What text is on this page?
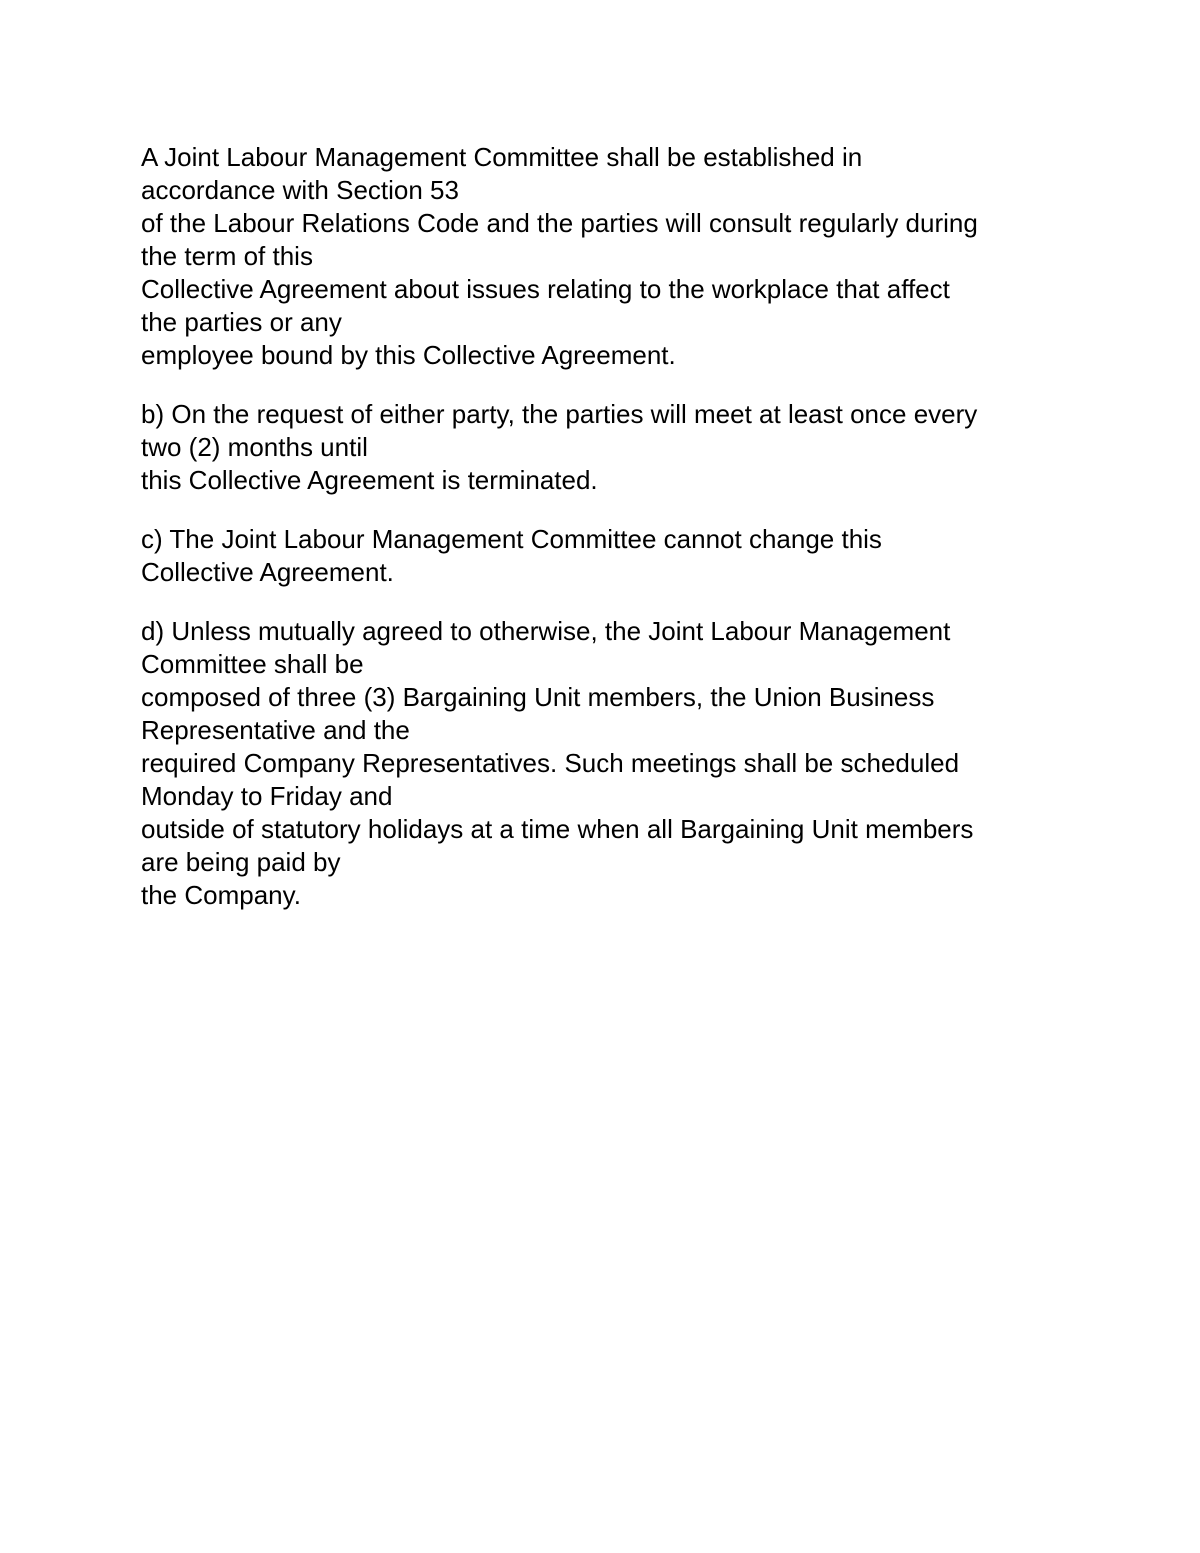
A Joint Labour Management Committee shall be established in
accordance with Section 53
of the Labour Relations Code and the parties will consult regularly during
the term of this
Collective Agreement about issues relating to the workplace that affect
the parties or any
employee bound by this Collective Agreement.

b) On the request of either party, the parties will meet at least once every
two (2) months until
this Collective Agreement is terminated.

c) The Joint Labour Management Committee cannot change this
Collective Agreement.

d) Unless mutually agreed to otherwise, the Joint Labour Management
Committee shall be
composed of three (3) Bargaining Unit members, the Union Business
Representative and the
required Company Representatives. Such meetings shall be scheduled
Monday to Friday and
outside of statutory holidays at a time when all Bargaining Unit members
are being paid by
the Company.
